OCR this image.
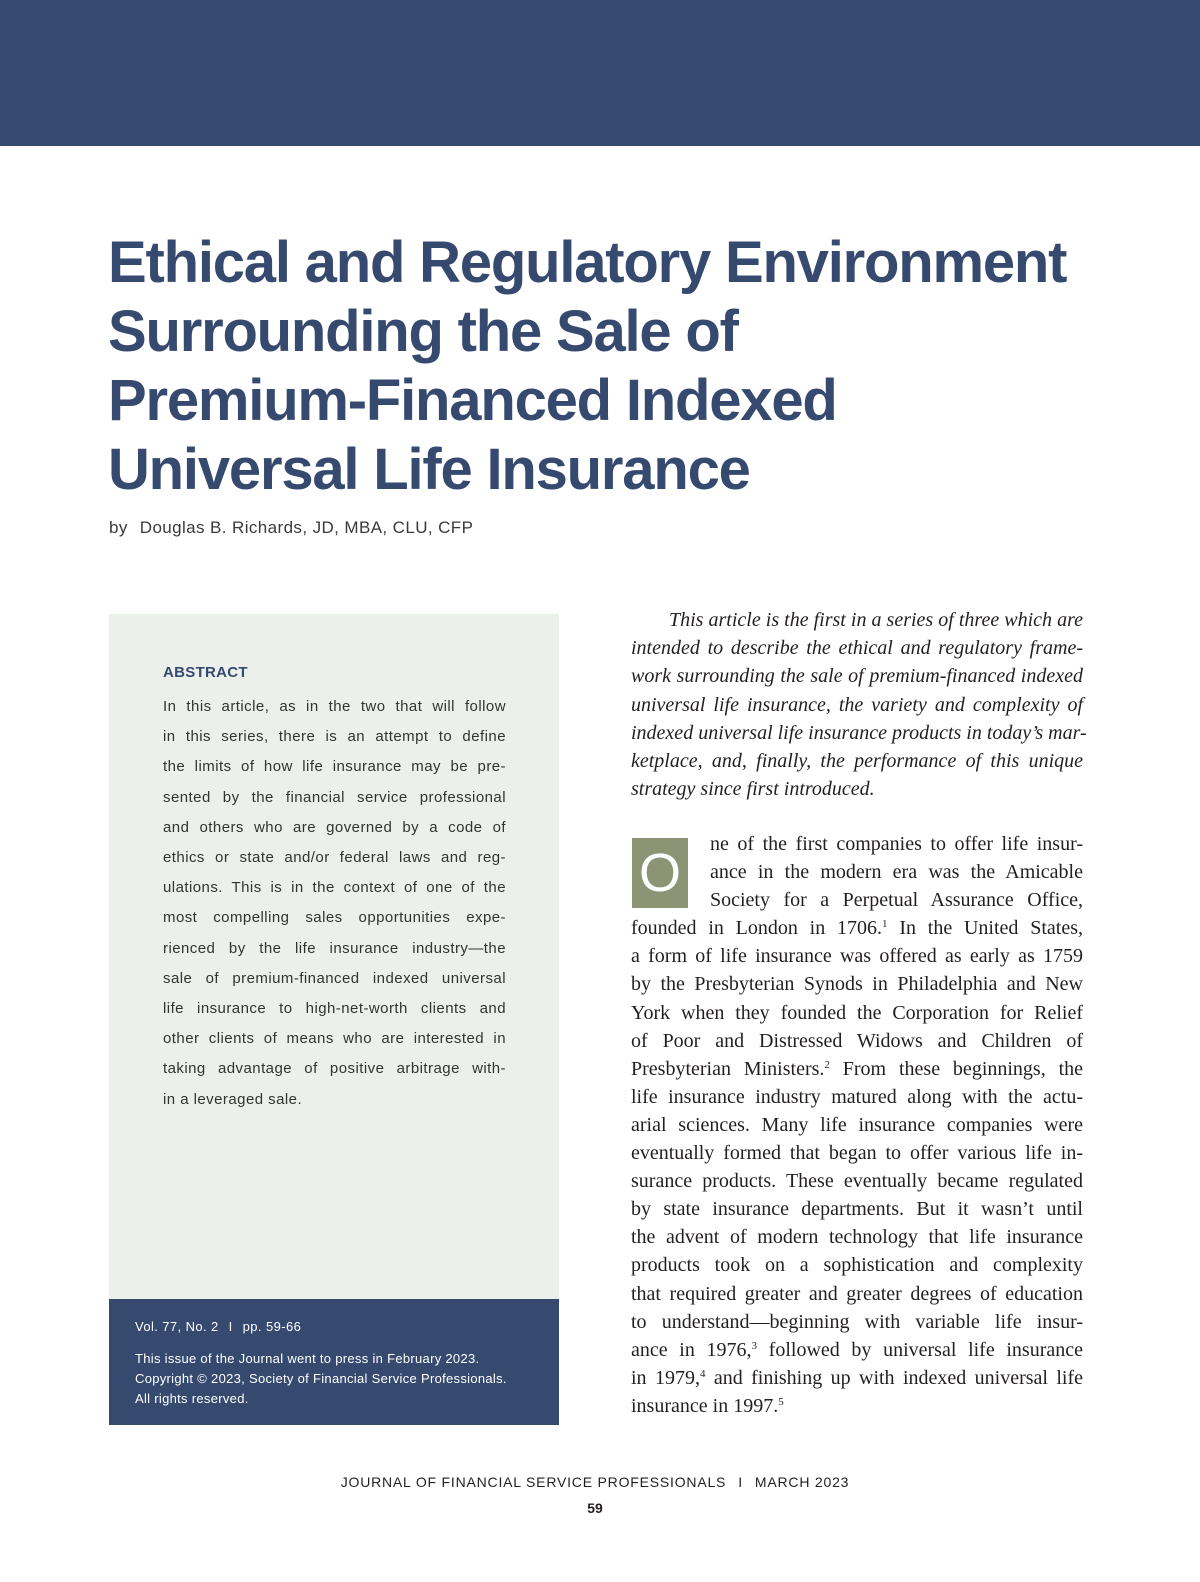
Ethical and Regulatory Environment
Surrounding the Sale of
Premium-Financed Indexed
Universal Life Insurance
by Douglas B. Richards, JD, MBA, CLU, CFP
ABSTRACT
In this article, as in the two that will follow
in this series, there is an attempt to define
the limits of how life insurance may be pre-
sented by the financial service professional
and others who are governed by a code of
ethics or state and/or federal laws and reg-
ulations. This is in the context of one of the
most compelling sales opportunities expe-
rienced by the life insurance industry—the
sale of premium-financed indexed universal
life insurance to high-net-worth clients and
other clients of means who are interested in
taking advantage of positive arbitrage with-
in a leveraged sale.
Vol. 77, No. 2 I pp. 59-66
This issue of the Journal went to press in February 2023.
Copyright © 2023, Society of Financial Service Professionals.
All rights reserved.
This article is the first in a series of three which are
intended to describe the ethical and regulatory frame-
work surrounding the sale of premium-financed indexed
universal life insurance, the variety and complexity of
indexed universal life insurance products in today’s mar-
ketplace, and, finally, the performance of this unique
strategy since first introduced.
O	ne of the first companies to offer life insur-
ance in the modern era was the Amicable
Society for a Perpetual Assurance Office,
founded in London in 1706.$^1$ In the United States,
a form of life insurance was offered as early as 1759
by the Presbyterian Synods in Philadelphia and New
York when they founded the Corporation for Relief
of Poor and Distressed Widows and Children of
Presbyterian Ministers.$^2$ From these beginnings, the
life insurance industry matured along with the actu-
arial sciences. Many life insurance companies were
eventually formed that began to offer various life in-
surance products. These eventually became regulated
by state insurance departments. But it wasn’t until
the advent of modern technology that life insurance
products took on a sophistication and complexity
that required greater and greater degrees of education
to understand—beginning with variable life insur-
ance in 1976,$^3$ followed by universal life insurance
in 1979,$^4$ and finishing up with indexed universal life
insurance in 1997.$^5$
JOURNAL OF FINANCIAL SERVICE PROFESSIONALS I MARCH 2023
59
